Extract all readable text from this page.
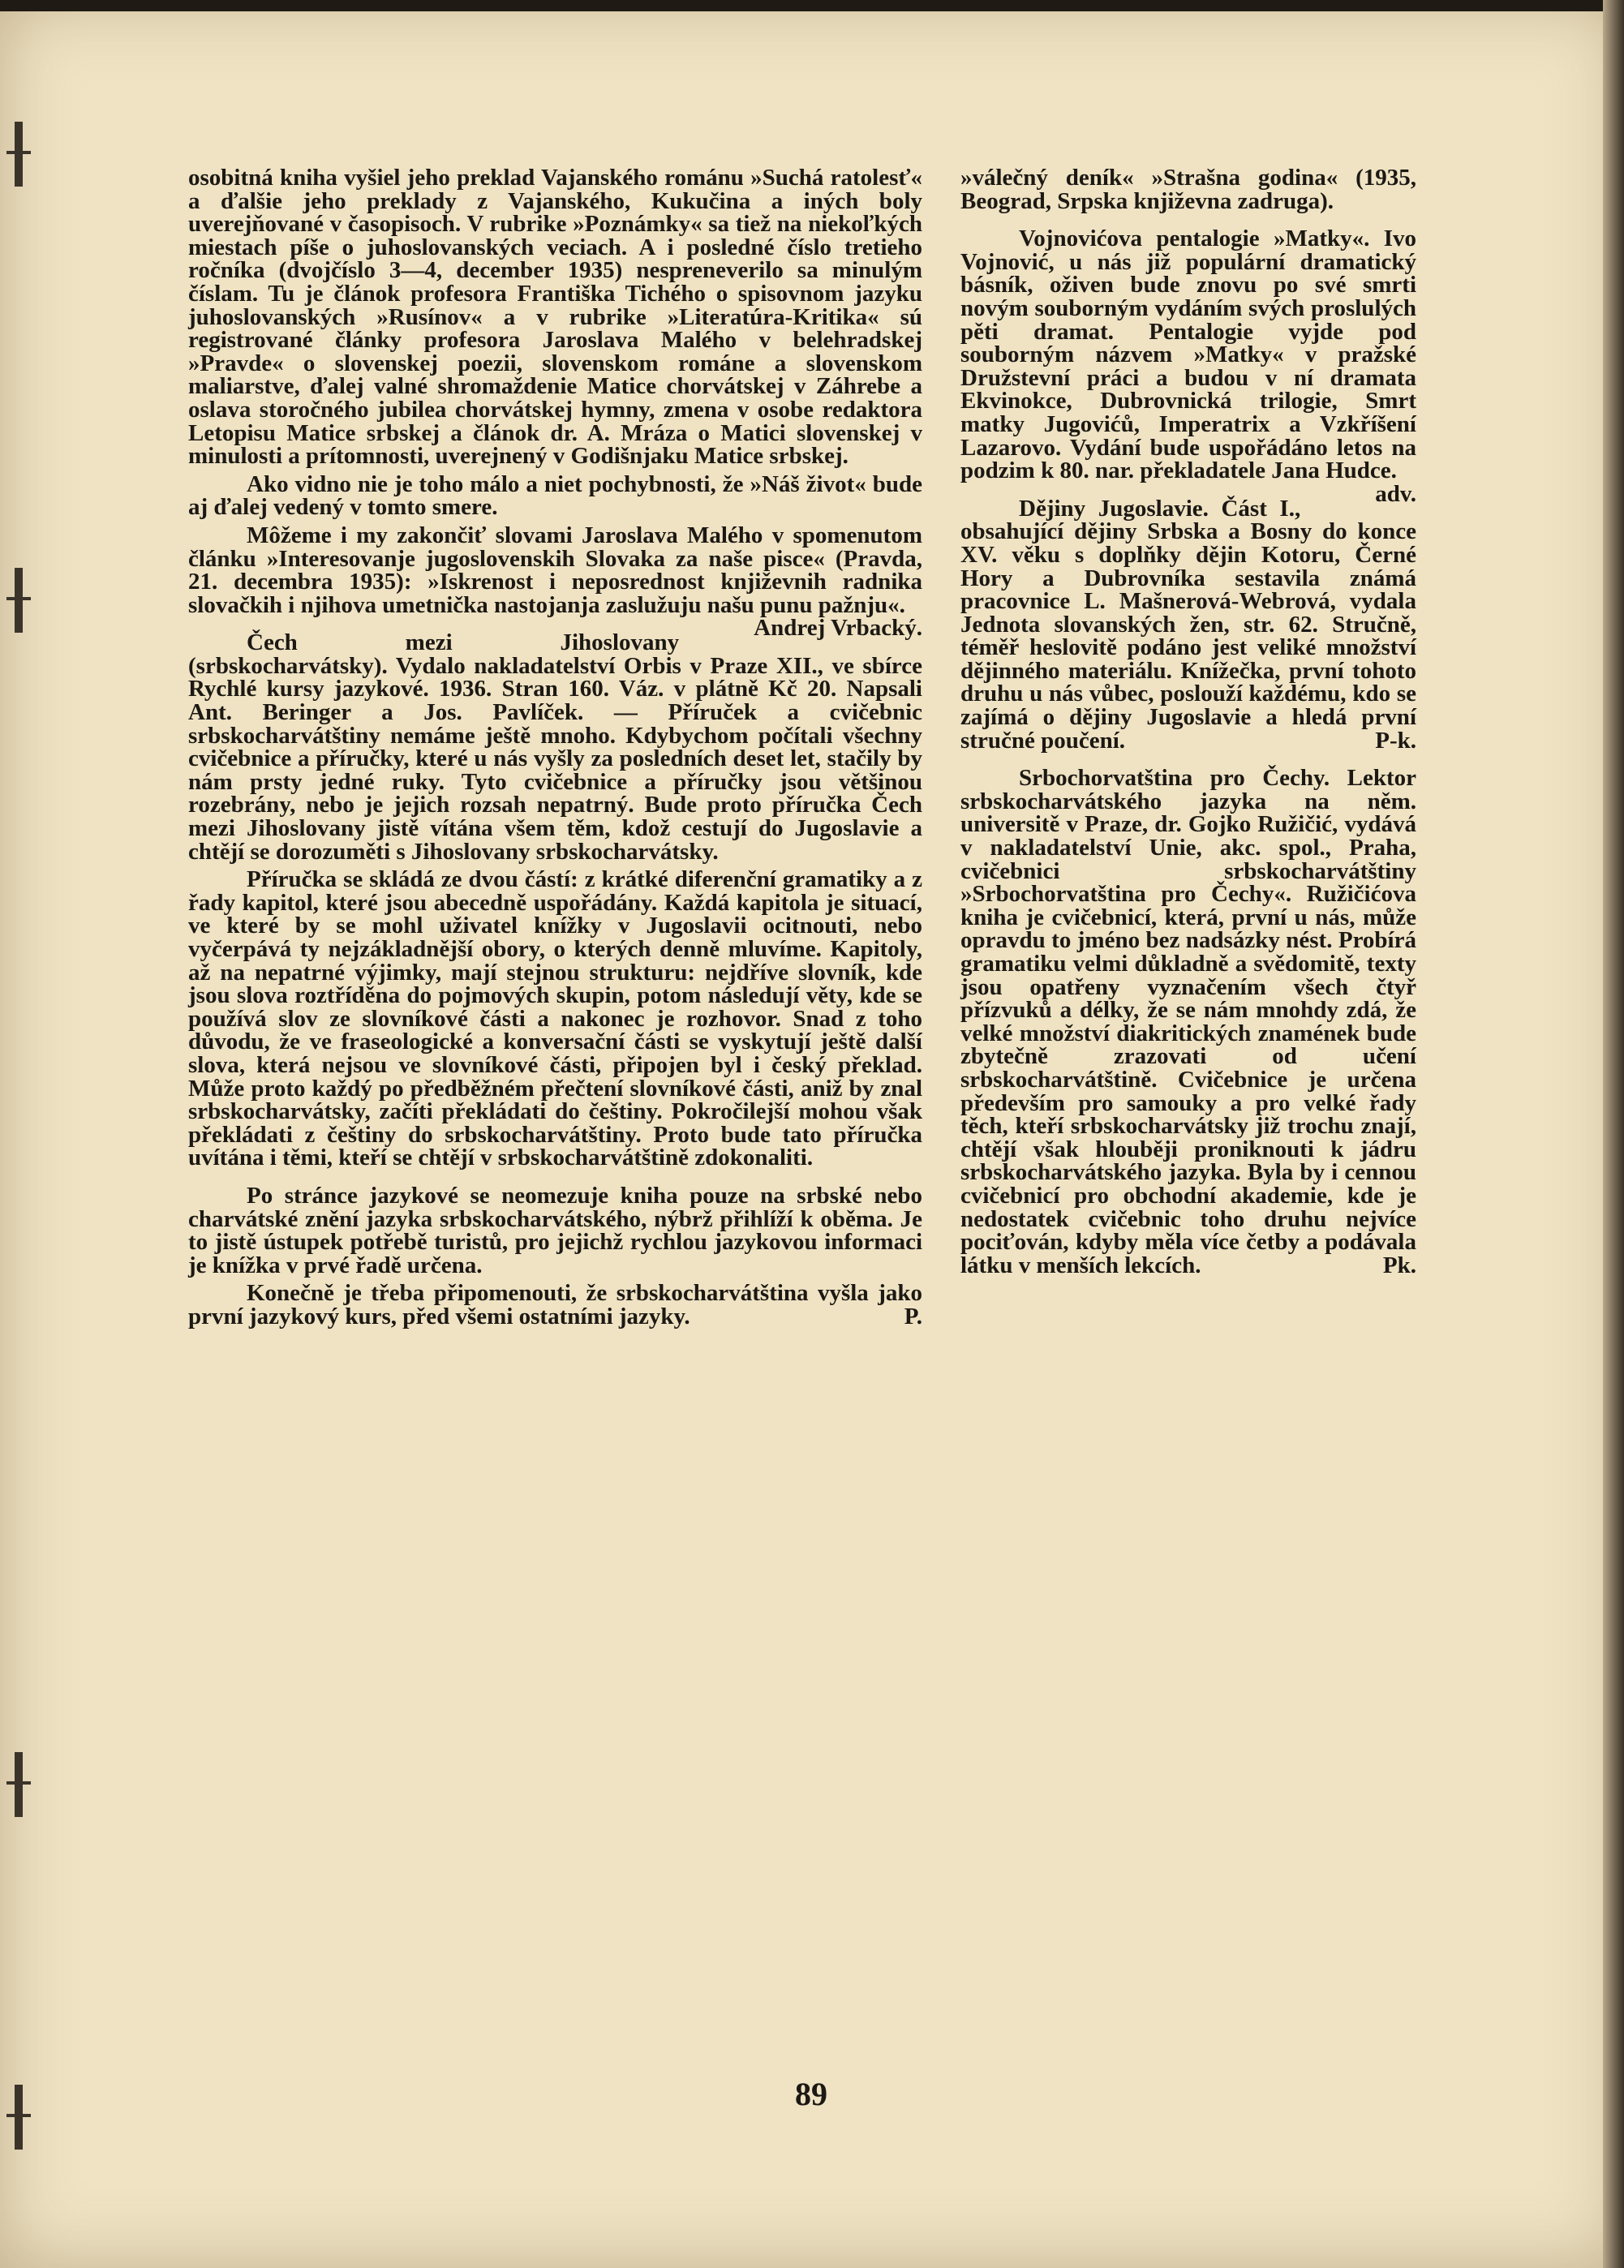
osobitná kniha vyšiel jeho preklad Vajanského románu »Suchá ratolesť« a ďalšie jeho preklady z Vajanského, Kukučina a iných boly uverejňované v časopisoch. V rubrike »Poznámky« sa tiež na niekoľkých miestach píše o juhoslovanských veciach. A i posledné číslo tretieho ročníka (dvojčíslo 3—4, december 1935) nespreneverilo sa minulým číslam. Tu je článok profesora Františka Tichého o spisovnom jazyku juhoslovanských »Rusínov« a v rubrike »Literatúra-Kritika« sú registrované články profesora Jaroslava Malého v belehradskej »Pravde« o slovenskej poezii, slovenskom románe a slovenskom maliarstve, ďalej valné shromaždenie Matice chorvátskej v Záhrebe a oslava storočného jubilea chorvátskej hymny, zmena v osobe redaktora Letopisu Matice srbskej a článok dr. A. Mráza o Matici slovenskej v minulosti a prítomnosti, uverejnený v Godišnjaku Matice srbskej.

Ako vidno nie je toho málo a niet pochybnosti, že »Náš život« bude aj ďalej vedený v tomto smere.

Môžeme i my zakončiť slovami Jaroslava Malého v spomenutom článku »Interesovanje jugoslovenskih Slovaka za naše pisce« (Pravda, 21. decembra 1935): »Iskrenost i neposrednost književnih radnika slovačkih i njihova umetnička nastojanja zaslužuju našu punu pažnju«.
Andrej Vrbacký.

Čech mezi Jihoslovany (srbskocharvátsky). Vydalo nakladatelství Orbis v Praze XII., ve sbírce Rychlé kursy jazykové. 1936. Stran 160. Váz. v plátně Kč 20. Napsali Ant. Beringer a Jos. Pavlíček. — Příruček a cvičebnic srbskocharvátštiny nemáme ještě mnoho. Kdybychom počítali všechny cvičebnice a příručky, které u nás vyšly za posledních deset let, stačily by nám prsty jedné ruky. Tyto cvičebnice a příručky jsou většinou rozebrány, nebo je jejich rozsah nepatrný. Bude proto příručka Čech mezi Jihoslovany jistě vítána všem těm, kdož cestují do Jugoslavie a chtějí se dorozuměti s Jihoslovany srbskocharvátsky.

Příručka se skládá ze dvou částí: z krátké diferenční gramatiky a z řady kapitol, které jsou abecedně uspořádány. Každá kapitola je situací, ve které by se mohl uživatel knížky v Jugoslavii ocitnouti, nebo vyčerpává ty nejzákladnější obory, o kterých denně mluvíme. Kapitoly, až na nepatrné výjimky, mají stejnou strukturu: nejdříve slovník, kde jsou slova roztříděna do pojmových skupin, potom následují věty, kde se používá slov ze slovníkové části a nakonec je rozhovor. Snad z toho důvodu, že ve fraseologické a konversační části se vyskytují ještě další slova, která nejsou ve slovníkové části, připojen byl i český překlad. Může proto každý po předběžném přečtení slovníkové části, aniž by znal srbskocharvátsky, začíti překládati do češtiny. Pokročilejší mohou však překládati z češtiny do srbskocharvátštiny. Proto bude tato příručka uvítána i těmi, kteří se chtějí v srbskocharvátštině zdokonaliti.

Po stránce jazykové se neomezuje kniha pouze na srbské nebo charvátské znění jazyka srbskocharvátského, nýbrž přihlíží k oběma. Je to jistě ústupek potřebě turistů, pro jejichž rychlou jazykovou informaci je knížka v prvé řadě určena.

Konečně je třeba připomenouti, že srbskocharvátština vyšla jako první jazykový kurs, před všemi ostatními jazyky.	P.

»válečný deník« »Strašna godina« (1935, Beograd, Srpska književna zadruga).

Vojnovićova pentalogie »Matky«. Ivo Vojnović, u nás již populární dramatický básník, oživen bude znovu po své smrti novým souborným vydáním svých proslulých pěti dramat. Pentalogie vyjde pod souborným názvem »Matky« v pražské Družstevní práci a budou v ní dramata Ekvinokce, Dubrovnická trilogie, Smrt matky Jugovićů, Imperatrix a Vzkříšení Lazarovo. Vydání bude uspořádáno letos na podzim k 80. nar. překladatele Jana Hudce.
adv.

Dějiny Jugoslavie. Část I., obsahující dějiny Srbska a Bosny do konce XV. věku s doplňky dějin Kotoru, Černé Hory a Dubrovníka sestavila známá pracovnice L. Mašnerová-Webrová, vydala Jednota slovanských žen, str. 62. Stručně, téměř heslovitě podáno jest veliké množství dějinného materiálu. Knížečka, první tohoto druhu u nás vůbec, poslouží každému, kdo se zajímá o dějiny Jugoslavie a hledá první stručné poučení.	P-k.

Srbochorvatština pro Čechy. Lektor srbskocharvátského jazyka na něm. universitě v Praze, dr. Gojko Ružičić, vydává v nakladatelství Unie, akc. spol., Praha, cvičebnici srbskocharvátštiny »Srbochorvatština pro Čechy«. Ružičićova kniha je cvičebnicí, která, první u nás, může opravdu to jméno bez nadsázky nést. Probírá gramatiku velmi důkladně a svědomitě, texty jsou opatřeny vyznačením všech čtyř přízvuků a délky, že se nám mnohdy zdá, že velké množství diakritických znamének bude zbytečně zrazovati od učení srbskocharvátštině. Cvičebnice je určena především pro samouky a pro velké řady těch, kteří srbskocharvátsky již trochu znají, chtějí však hlouběji proniknouti k jádru srbskocharvátského jazyka. Byla by i cennou cvičebnicí pro obchodní akademie, kde je nedostatek cvičebnic toho druhu nejvíce pociťován, kdyby měla více četby a podávala látku v menších lekcích.	Pk.

89
